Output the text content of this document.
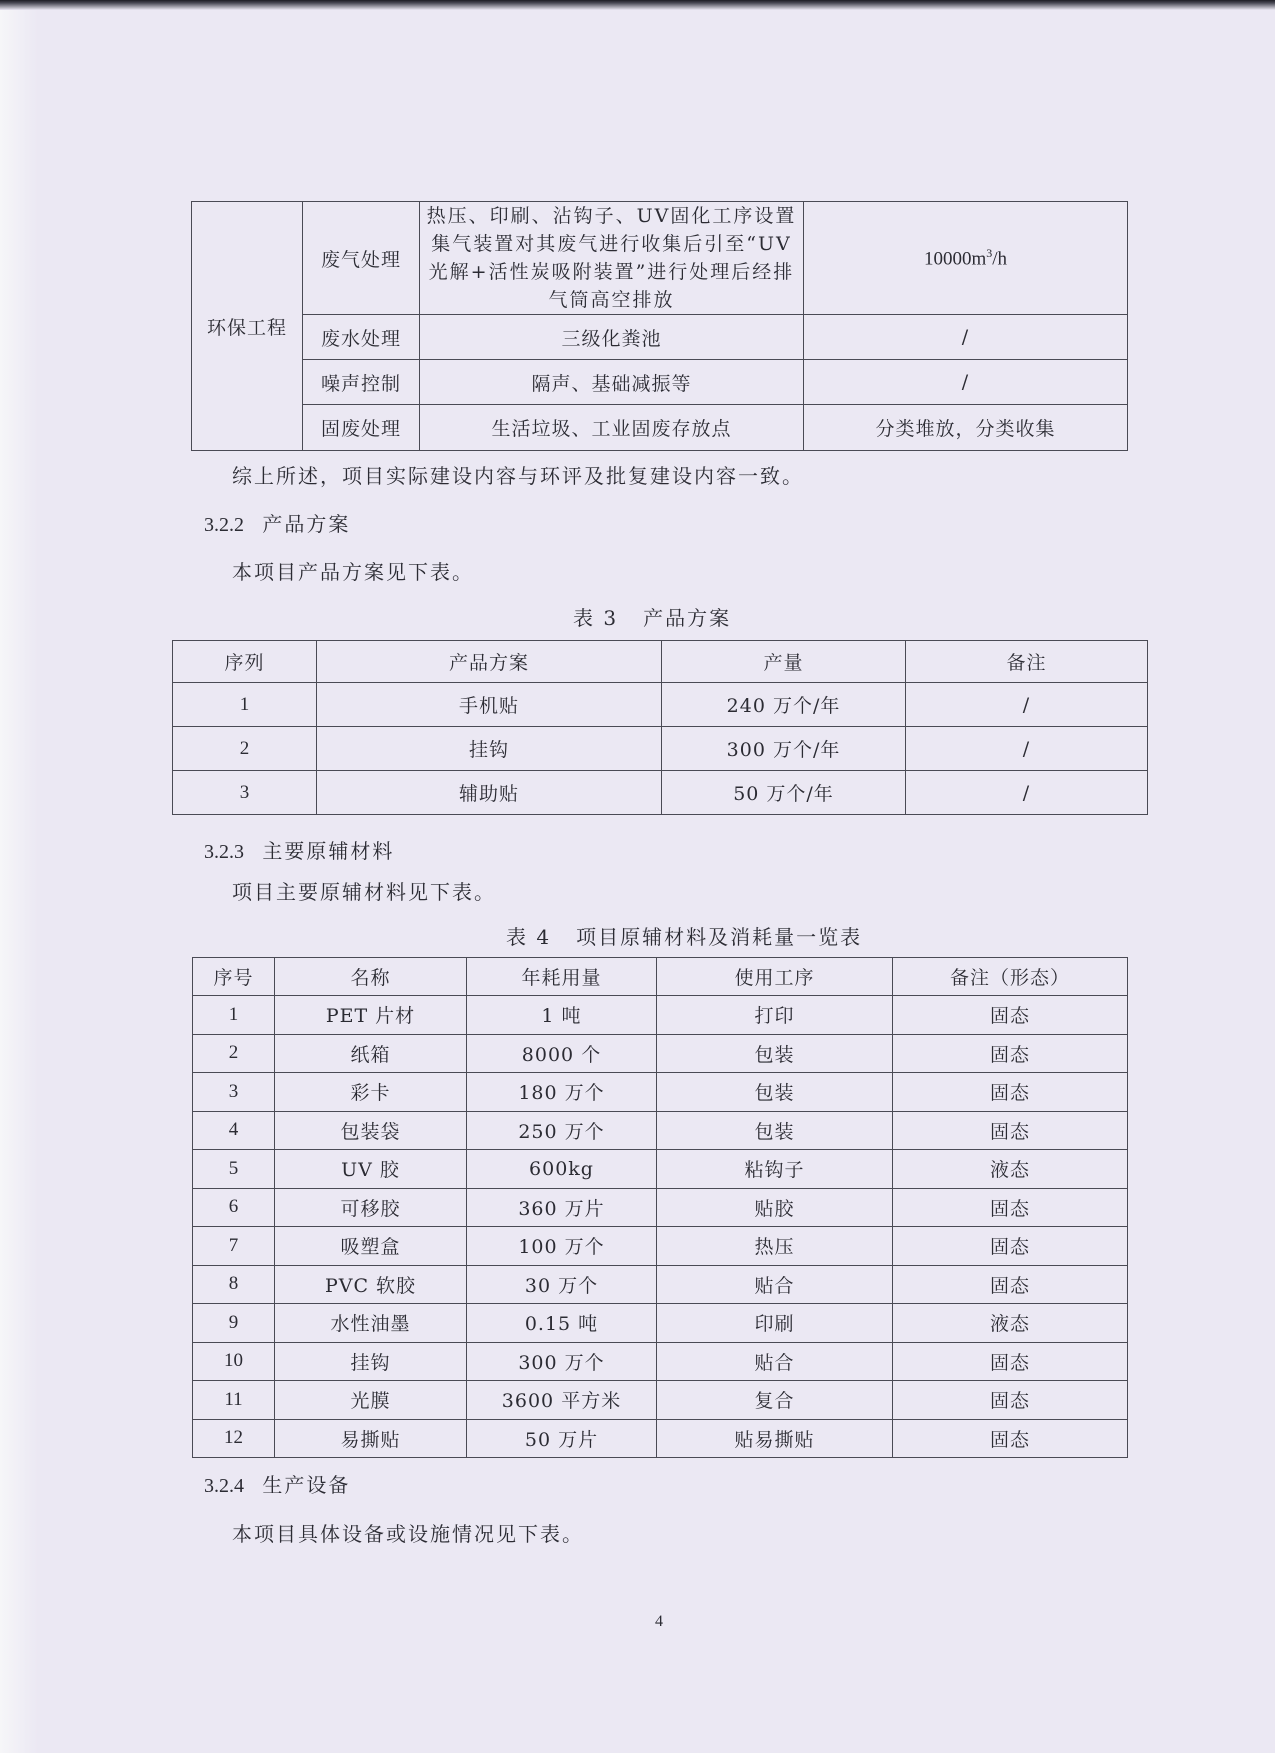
环保工程	废气处理	热压、印刷、沾钩子、UV固化工序设置集气装置对其废气进行收集后引至“UV光解+活性炭吸附装置”进行处理后经排气筒高空排放	$10000m^3/h$
	废水处理	三级化粪池	/
	噪声控制	隔声、基础减振等	/
	固废处理	生活垃圾、工业固废存放点	分类堆放，分类收集
综上所述，项目实际建设内容与环评及批复建设内容一致。
3.2.2 产品方案
本项目产品方案见下表。
表 3   产品方案
序列	产品方案	产量	备注
1	手机贴	240 万个/年	/
2	挂钩	300 万个/年	/
3	辅助贴	50 万个/年	/
3.2.3 主要原辅材料
项目主要原辅材料见下表。
表 4   项目原辅材料及消耗量一览表
序号	名称	年耗用量	使用工序	备注（形态）
1	PET 片材	1 吨	打印	固态
2	纸箱	8000 个	包装	固态
3	彩卡	180 万个	包装	固态
4	包装袋	250 万个	包装	固态
5	UV 胶	600kg	粘钩子	液态
6	可移胶	360 万片	贴胶	固态
7	吸塑盒	100 万个	热压	固态
8	PVC 软胶	30 万个	贴合	固态
9	水性油墨	0.15 吨	印刷	液态
10	挂钩	300 万个	贴合	固态
11	光膜	3600 平方米	复合	固态
12	易撕贴	50 万片	贴易撕贴	固态
3.2.4 生产设备
本项目具体设备或设施情况见下表。
4
